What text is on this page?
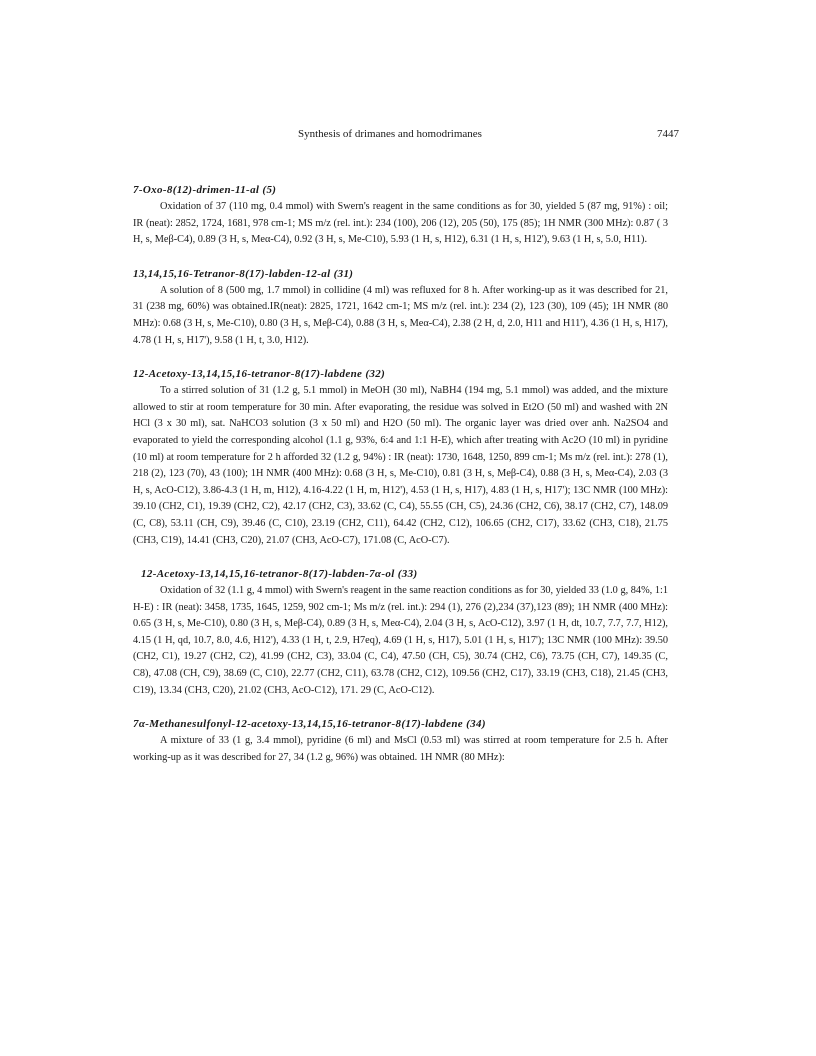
Synthesis of drimanes and homodrimanes	7447
7-Oxo-8(12)-drimen-11-al (5)

Oxidation of 37 (110 mg, 0.4 mmol) with Swern's reagent in the same conditions as for 30, yielded 5 (87 mg, 91%) : oil; IR (neat): 2852, 1724, 1681, 978 cm-1; MS m/z (rel. int.): 234 (100), 206 (12), 205 (50), 175 (85); 1H NMR (300 MHz): 0.87 ( 3 H, s, Meβ-C4), 0.89 (3 H, s, Meα-C4), 0.92 (3 H, s, Me-C10), 5.93 (1 H, s, H12), 6.31 (1 H, s, H12'), 9.63 (1 H, s, 5.0, H11).

13,14,15,16-Tetranor-8(17)-labden-12-al (31)

A solution of 8 (500 mg, 1.7 mmol) in collidine (4 ml) was refluxed for 8 h. After working-up as it was described for 21, 31 (238 mg, 60%) was obtained.IR(neat): 2825, 1721, 1642 cm-1; MS m/z (rel. int.): 234 (2), 123 (30), 109 (45); 1H NMR (80 MHz): 0.68 (3 H, s, Me-C10), 0.80 (3 H, s, Meβ-C4), 0.88 (3 H, s, Meα-C4), 2.38 (2 H, d, 2.0, H11 and H11'), 4.36 (1 H, s, H17), 4.78 (1 H, s, H17'), 9.58 (1 H, t, 3.0, H12).

12-Acetoxy-13,14,15,16-tetranor-8(17)-labdene (32)

To a stirred solution of 31 (1.2 g, 5.1 mmol) in MeOH (30 ml), NaBH4 (194 mg, 5.1 mmol) was added, and the mixture allowed to stir at room temperature for 30 min. After evaporating, the residue was solved in Et2O (50 ml) and washed with 2N HCl (3 x 30 ml), sat. NaHCO3 solution (3 x 50 ml) and H2O (50 ml). The organic layer was dried over anh. Na2SO4 and evaporated to yield the corresponding alcohol (1.1 g, 93%, 6:4 and 1:1 H-E), which after treating with Ac2O (10 ml) in pyridine (10 ml) at room temperature for 2 h afforded 32 (1.2 g, 94%) : IR (neat): 1730, 1648, 1250, 899 cm-1; Ms m/z (rel. int.): 278 (1), 218 (2), 123 (70), 43 (100); 1H NMR (400 MHz): 0.68 (3 H, s, Me-C10), 0.81 (3 H, s, Meβ-C4), 0.88 (3 H, s, Meα-C4), 2.03 (3 H, s, AcO-C12), 3.86-4.3 (1 H, m, H12), 4.16-4.22 (1 H, m, H12'), 4.53 (1 H, s, H17), 4.83 (1 H, s, H17'); 13C NMR (100 MHz): 39.10 (CH2, C1), 19.39 (CH2, C2), 42.17 (CH2, C3), 33.62 (C, C4), 55.55 (CH, C5), 24.36 (CH2, C6), 38.17 (CH2, C7), 148.09 (C, C8), 53.11 (CH, C9), 39.46 (C, C10), 23.19 (CH2, C11), 64.42 (CH2, C12), 106.65 (CH2, C17), 33.62 (CH3, C18), 21.75 (CH3, C19), 14.41 (CH3, C20), 21.07 (CH3, AcO-C7), 171.08 (C, AcO-C7).

12-Acetoxy-13,14,15,16-tetranor-8(17)-labden-7α-ol (33)

Oxidation of 32 (1.1 g, 4 mmol) with Swern's reagent in the same reaction conditions as for 30, yielded 33 (1.0 g, 84%, 1:1 H-E) : IR (neat): 3458, 1735, 1645, 1259, 902 cm-1; Ms m/z (rel. int.): 294 (1), 276 (2),234 (37),123 (89); 1H NMR (400 MHz): 0.65 (3 H, s, Me-C10), 0.80 (3 H, s, Meβ-C4), 0.89 (3 H, s, Meα-C4), 2.04 (3 H, s, AcO-C12), 3.97 (1 H, dt, 10.7, 7.7, 7.7, H12), 4.15 (1 H, qd, 10.7, 8.0, 4.6, H12'), 4.33 (1 H, t, 2.9, H7eq), 4.69 (1 H, s, H17), 5.01 (1 H, s, H17'); 13C NMR (100 MHz): 39.50 (CH2, C1), 19.27 (CH2, C2), 41.99 (CH2, C3), 33.04 (C, C4), 47.50 (CH, C5), 30.74 (CH2, C6), 73.75 (CH, C7), 149.35 (C, C8), 47.08 (CH, C9), 38.69 (C, C10), 22.77 (CH2, C11), 63.78 (CH2, C12), 109.56 (CH2, C17), 33.19 (CH3, C18), 21.45 (CH3, C19), 13.34 (CH3, C20), 21.02 (CH3, AcO-C12), 171. 29 (C, AcO-C12).

7α-Methanesulfonyl-12-acetoxy-13,14,15,16-tetranor-8(17)-labdene (34)

A mixture of 33 (1 g, 3.4 mmol), pyridine (6 ml) and MsCl (0.53 ml) was stirred at room temperature for 2.5 h. After working-up as it was described for 27, 34 (1.2 g, 96%) was obtained. 1H NMR (80 MHz):
